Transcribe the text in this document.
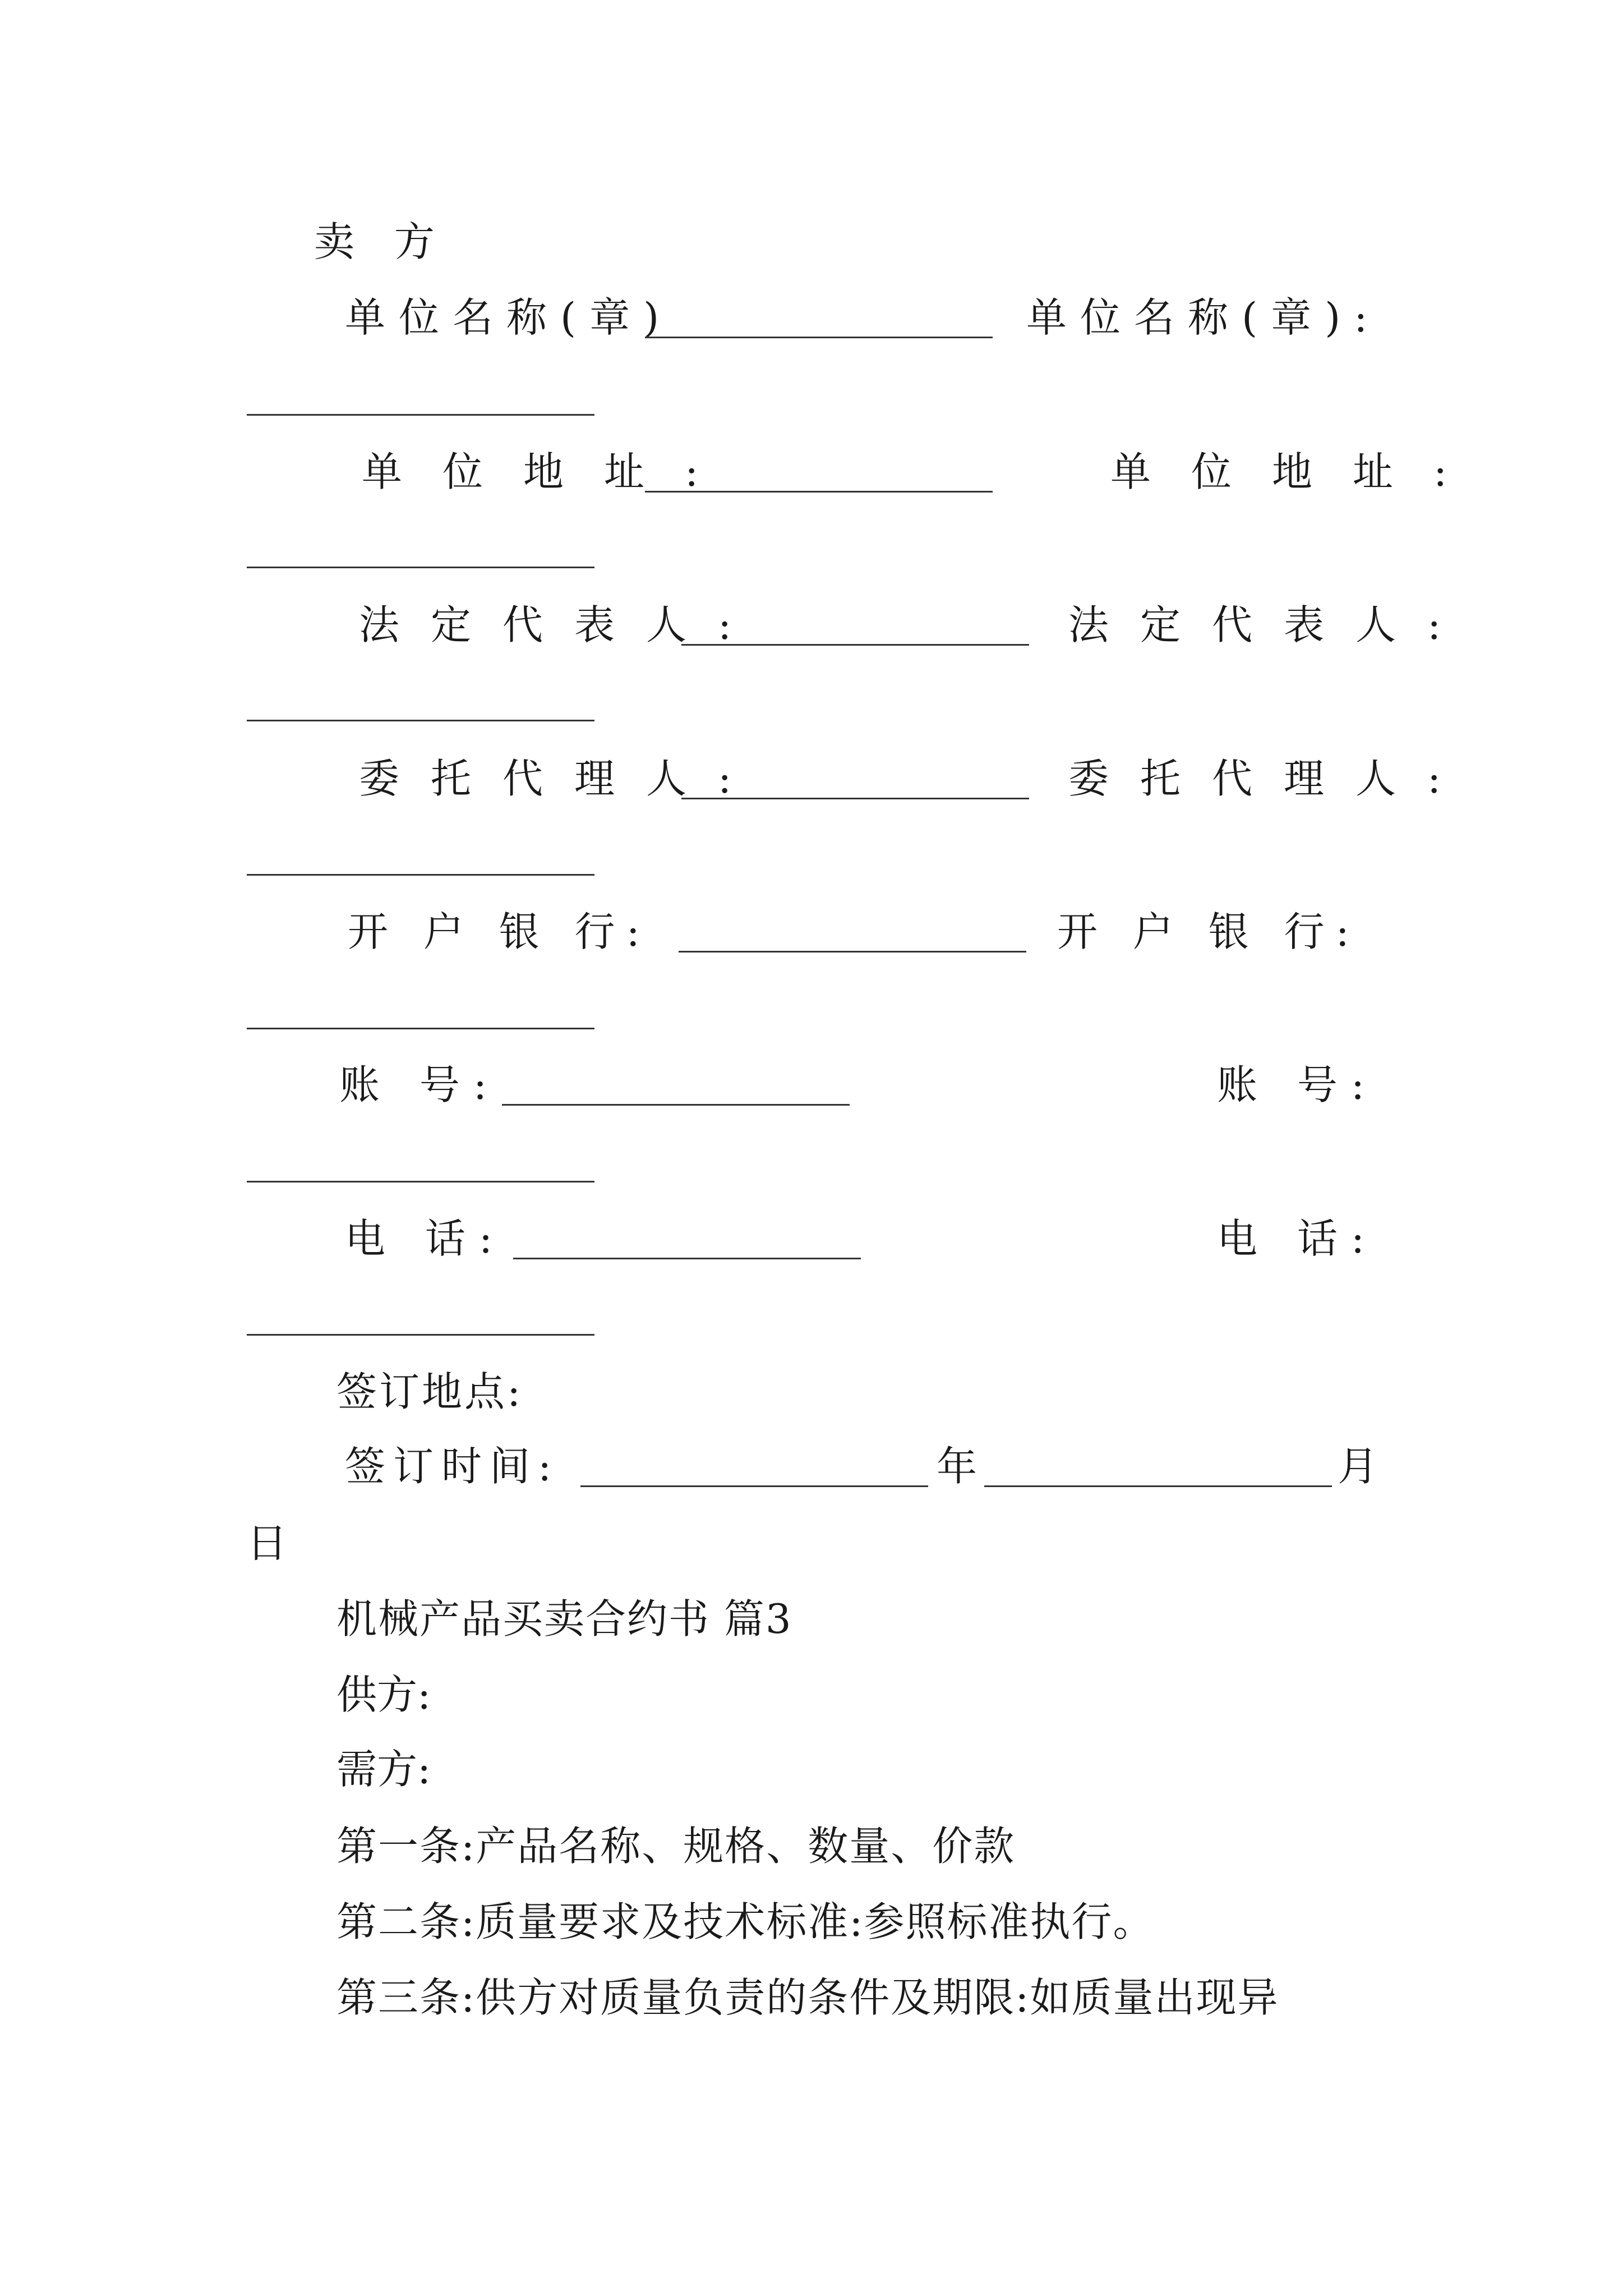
卖 方
单位名称(章)	单位名称(章):
单位地址:	单位地址:
法定代表人:	法定代表人:
委托代理人:	委托代理人:
开 户 银 行:	开 户 银 行:
账 号:	账 号:
电 话:	电 话:
签订地点:
签订时间:	年	月
日
机械产品买卖合约书 篇3
供方:
需方:
第一条:产品名称、规格、数量、价款
第二条:质量要求及技术标准:参照标准执行。
第三条:供方对质量负责的条件及期限:如质量出现异
